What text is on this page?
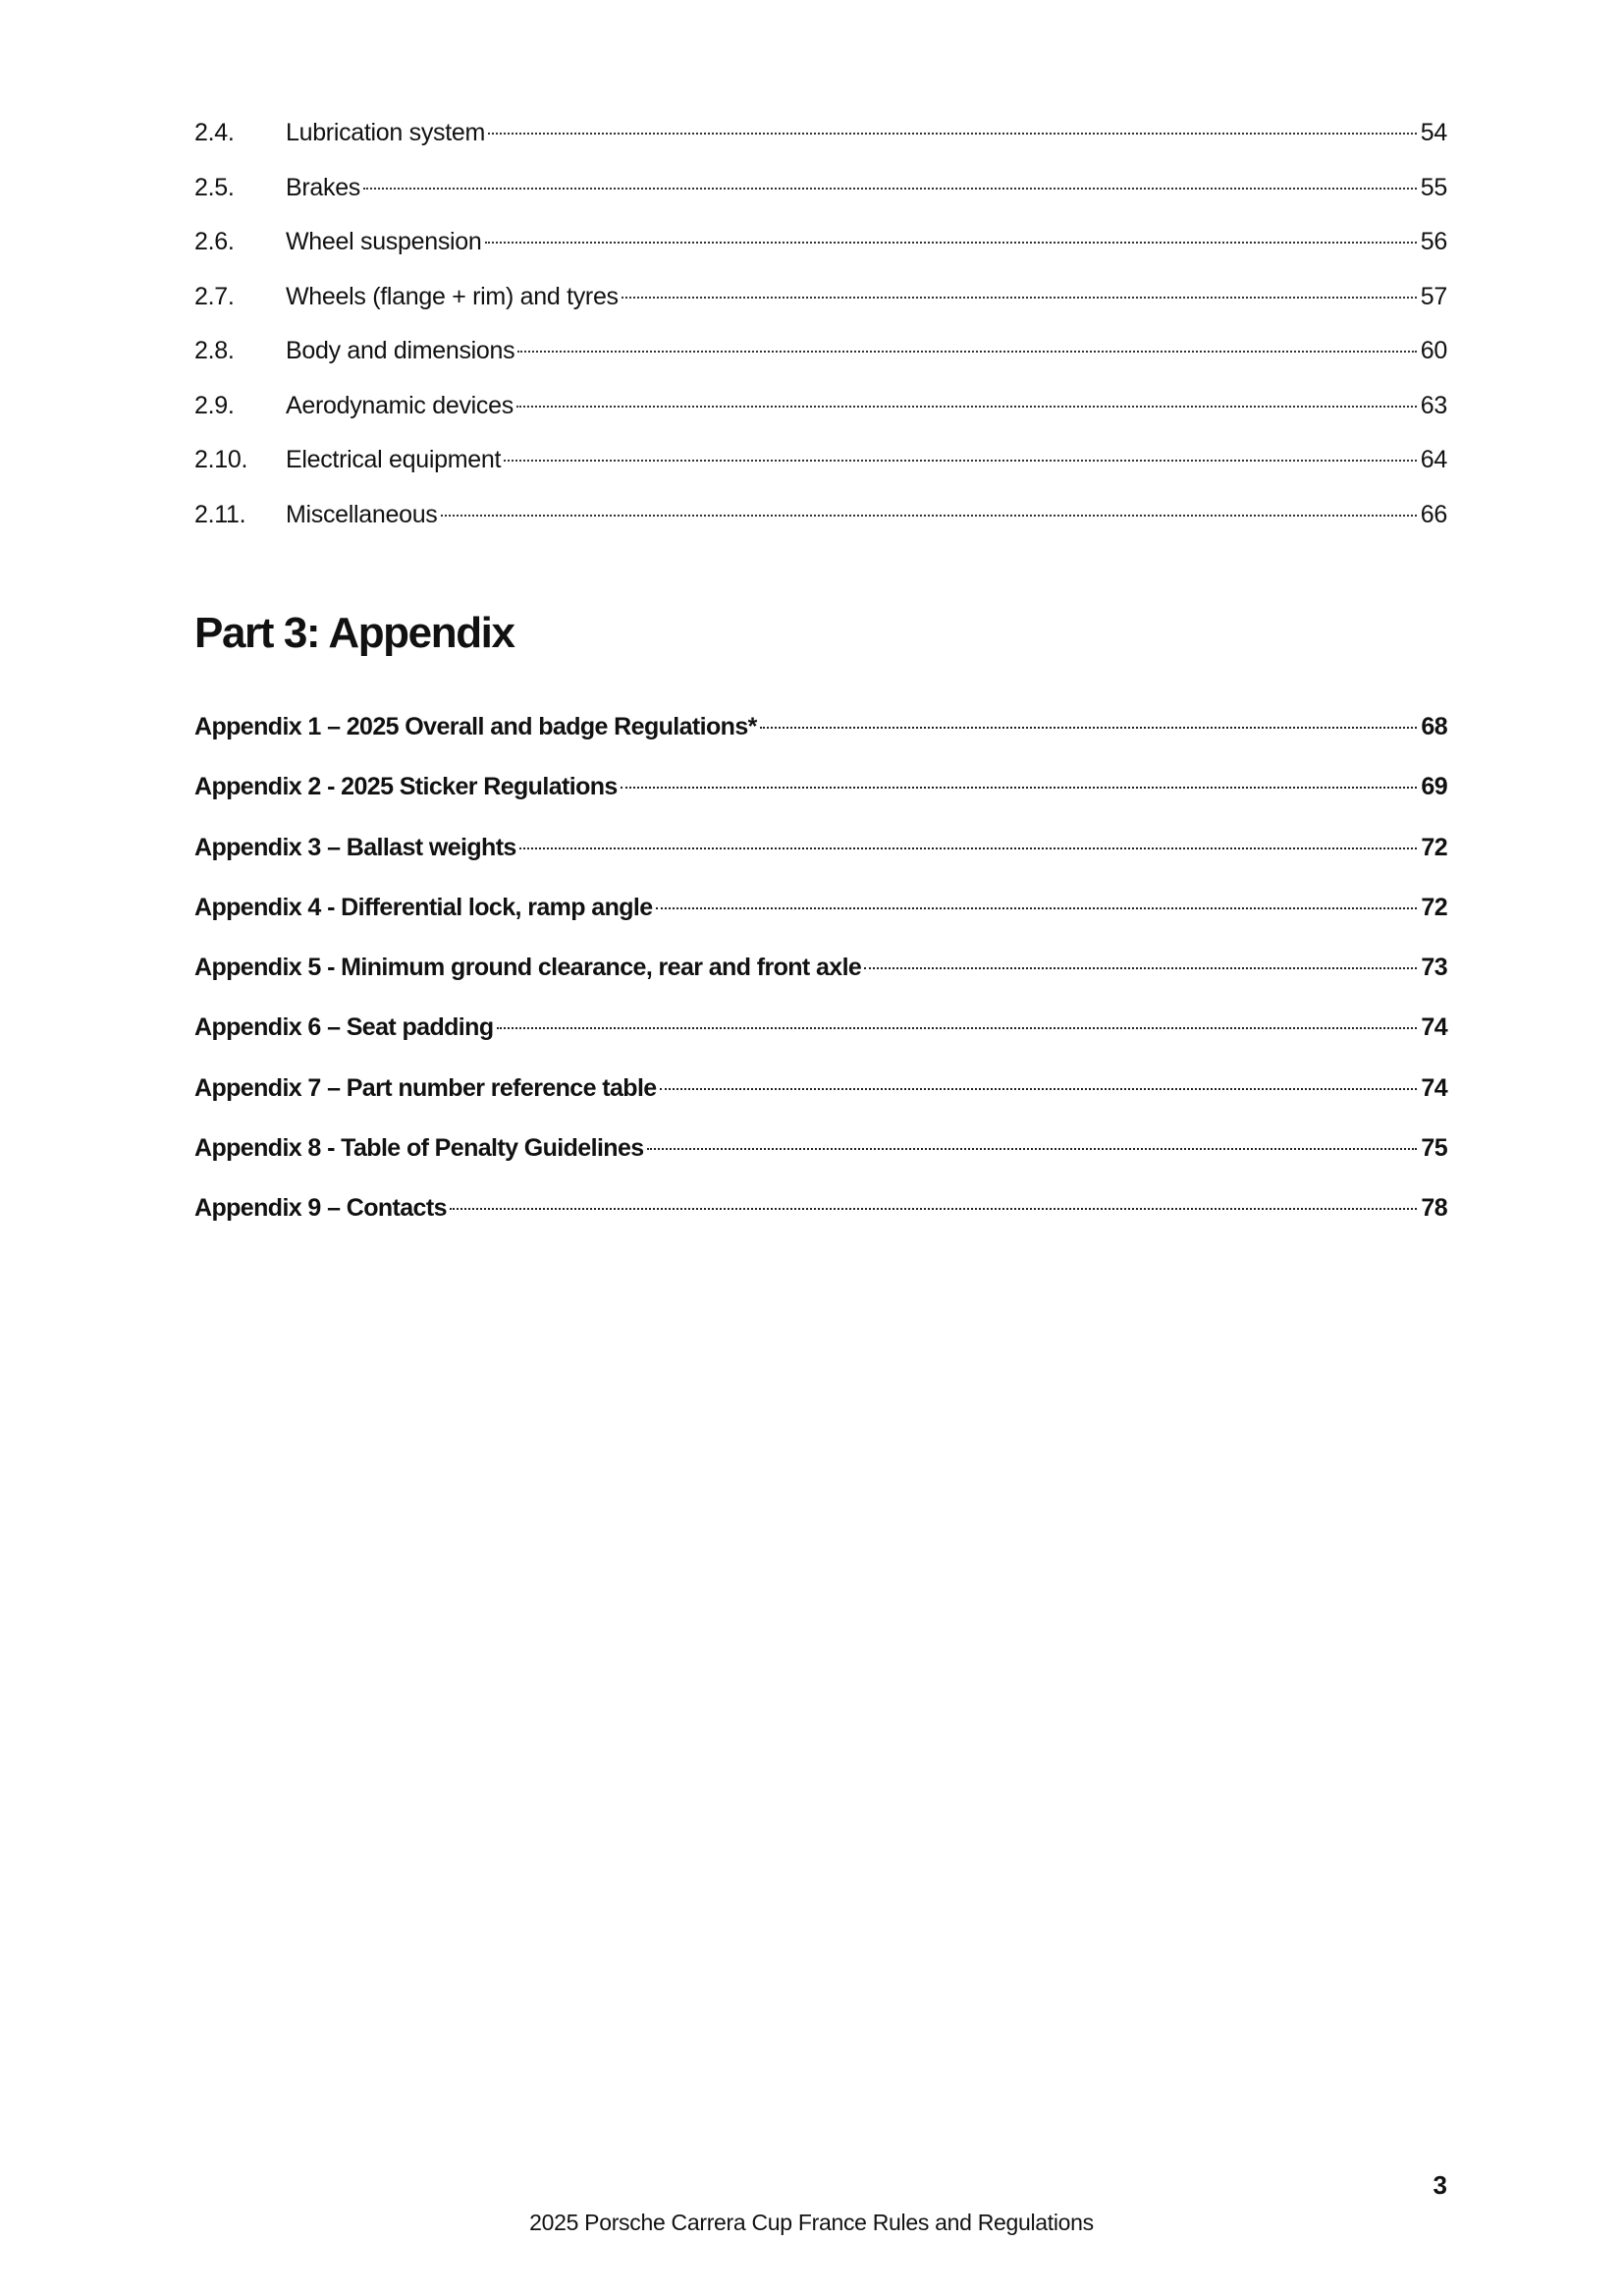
2.4.	Lubrication system	54
2.5.	Brakes	55
2.6.	Wheel suspension	56
2.7.	Wheels (flange + rim) and tyres	57
2.8.	Body and dimensions	60
2.9.	Aerodynamic devices	63
2.10.	Electrical equipment	64
2.11.	Miscellaneous	66
Part 3: Appendix
Appendix 1 – 2025 Overall and badge Regulations*	68
Appendix 2 - 2025 Sticker Regulations	69
Appendix 3 – Ballast weights	72
Appendix 4 - Differential lock, ramp angle	72
Appendix 5 - Minimum ground clearance, rear and front axle	73
Appendix 6 – Seat padding	74
Appendix 7 – Part number reference table	74
Appendix 8 - Table of Penalty Guidelines	75
Appendix 9 – Contacts	78
3
2025 Porsche Carrera Cup France Rules and Regulations
